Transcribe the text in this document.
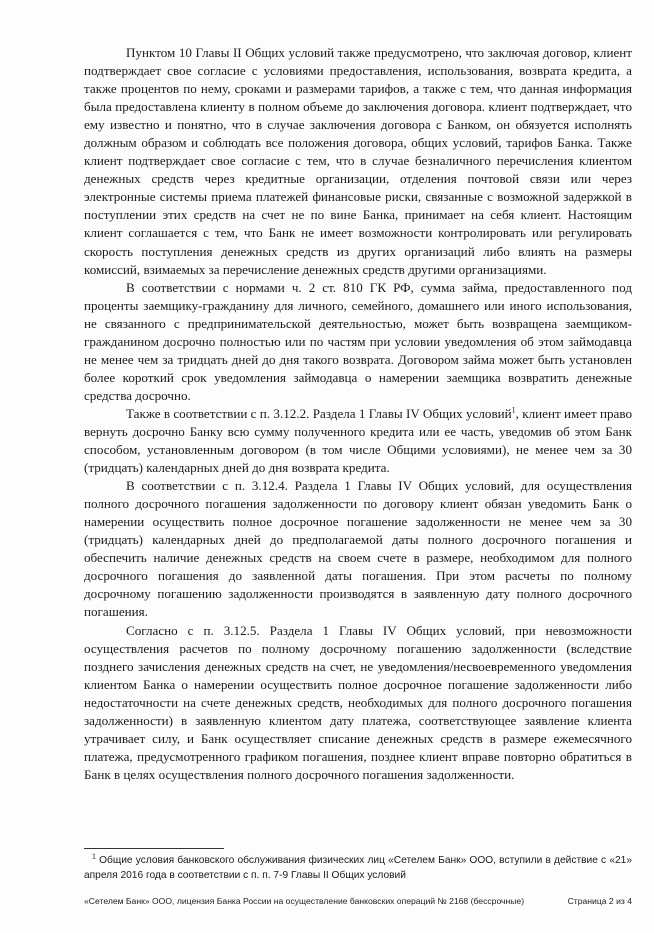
Пунктом 10 Главы II Общих условий также предусмотрено, что заключая договор, клиент подтверждает свое согласие с условиями предоставления, использования, возврата кредита, а также процентов по нему, сроками и размерами тарифов, а также с тем, что данная информация была предоставлена клиенту в полном объеме до заключения договора. клиент подтверждает, что ему известно и понятно, что в случае заключения договора с Банком, он обязуется исполнять должным образом и соблюдать все положения договора, общих условий, тарифов Банка. Также клиент подтверждает свое согласие с тем, что в случае безналичного перечисления клиентом денежных средств через кредитные организации, отделения почтовой связи или через электронные системы приема платежей финансовые риски, связанные с возможной задержкой в поступлении этих средств на счет не по вине Банка, принимает на себя клиент. Настоящим клиент соглашается с тем, что Банк не имеет возможности контролировать или регулировать скорость поступления денежных средств из других организаций либо влиять на размеры комиссий, взимаемых за перечисление денежных средств другими организациями.

В соответствии с нормами ч. 2 ст. 810 ГК РФ, сумма займа, предоставленного под проценты заемщику-гражданину для личного, семейного, домашнего или иного использования, не связанного с предпринимательской деятельностью, может быть возвращена заемщиком-гражданином досрочно полностью или по частям при условии уведомления об этом займодавца не менее чем за тридцать дней до дня такого возврата. Договором займа может быть установлен более короткий срок уведомления займодавца о намерении заемщика возвратить денежные средства досрочно.

Также в соответствии с п. 3.12.2. Раздела 1 Главы IV Общих условий$^1$, клиент имеет право вернуть досрочно Банку всю сумму полученного кредита или ее часть, уведомив об этом Банк способом, установленным договором (в том числе Общими условиями), не менее чем за 30 (тридцать) календарных дней до дня возврата кредита.

В соответствии с п. 3.12.4. Раздела 1 Главы IV Общих условий, для осуществления полного досрочного погашения задолженности по договору клиент обязан уведомить Банк о намерении осуществить полное досрочное погашение задолженности не менее чем за 30 (тридцать) календарных дней до предполагаемой даты полного досрочного погашения и обеспечить наличие денежных средств на своем счете в размере, необходимом для полного досрочного погашения до заявленной даты погашения. При этом расчеты по полному досрочному погашению задолженности производятся в заявленную дату полного досрочного погашения.

Согласно с п. 3.12.5. Раздела 1 Главы IV Общих условий, при невозможности осуществления расчетов по полному досрочному погашению задолженности (вследствие позднего зачисления денежных средств на счет, не уведомления/несвоевременного уведомления клиентом Банка о намерении осуществить полное досрочное погашение задолженности либо недостаточности на счете денежных средств, необходимых для полного досрочного погашения задолженности) в заявленную клиентом дату платежа, соответствующее заявление клиента утрачивает силу, и Банк осуществляет списание денежных средств в размере ежемесячного платежа, предусмотренного графиком погашения, позднее клиент вправе повторно обратиться в Банк в целях осуществления полного досрочного погашения задолженности.

$^1$ Общие условия банковского обслуживания физических лиц «Сетелем Банк» ООО, вступили в действие с «21» апреля 2016 года в соответствии с п. п. 7-9 Главы II Общих условий

«Сетелем Банк» ООО, лицензия Банка России на осуществление банковских операций № 2168 (бессрочные)	Страница 2 из 4
